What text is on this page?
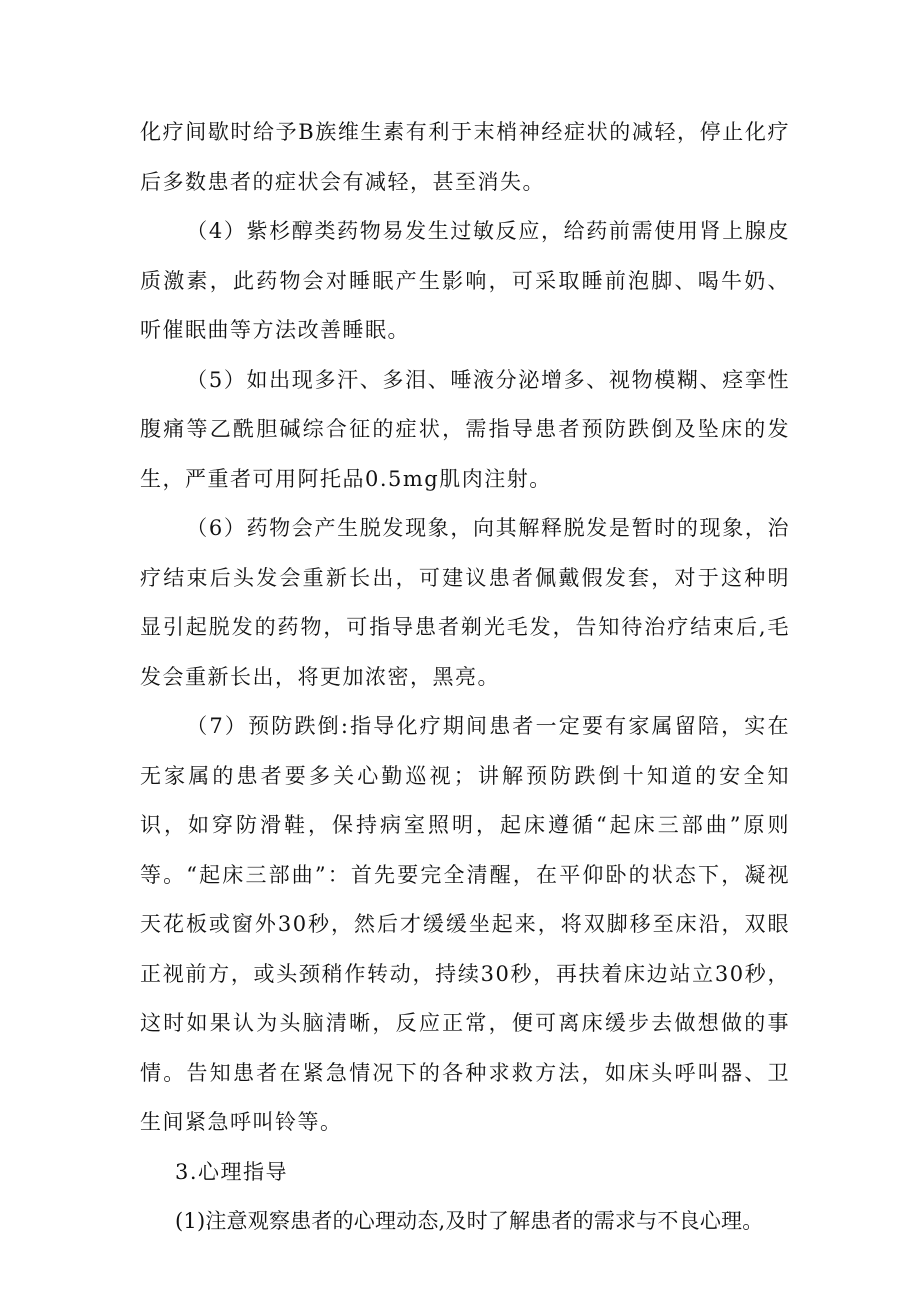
化疗间歇时给予B族维生素有利于末梢神经症状的减轻，停止化疗后多数患者的症状会有减轻，甚至消失。

（4）紫杉醇类药物易发生过敏反应，给药前需使用肾上腺皮质激素，此药物会对睡眠产生影响，可采取睡前泡脚、喝牛奶、听催眠曲等方法改善睡眠。

（5）如出现多汗、多泪、唾液分泌增多、视物模糊、痉挛性腹痛等乙酰胆碱综合征的症状，需指导患者预防跌倒及坠床的发生，严重者可用阿托品0.5mg肌肉注射。

（6）药物会产生脱发现象，向其解释脱发是暂时的现象，治疗结束后头发会重新长出，可建议患者佩戴假发套，对于这种明显引起脱发的药物，可指导患者剃光毛发，告知待治疗结束后,毛发会重新长出，将更加浓密，黑亮。

（7）预防跌倒:指导化疗期间患者一定要有家属留陪，实在无家属的患者要多关心勤巡视；讲解预防跌倒十知道的安全知识，如穿防滑鞋，保持病室照明，起床遵循“起床三部曲”原则等。“起床三部曲”：首先要完全清醒，在平仰卧的状态下，凝视天花板或窗外30秒，然后才缓缓坐起来，将双脚移至床沿，双眼正视前方，或头颈稍作转动，持续30秒，再扶着床边站立30秒，这时如果认为头脑清晰，反应正常，便可离床缓步去做想做的事情。告知患者在紧急情况下的各种求救方法，如床头呼叫器、卫生间紧急呼叫铃等。

3.心理指导

(1)注意观察患者的心理动态,及时了解患者的需求与不良心理。
